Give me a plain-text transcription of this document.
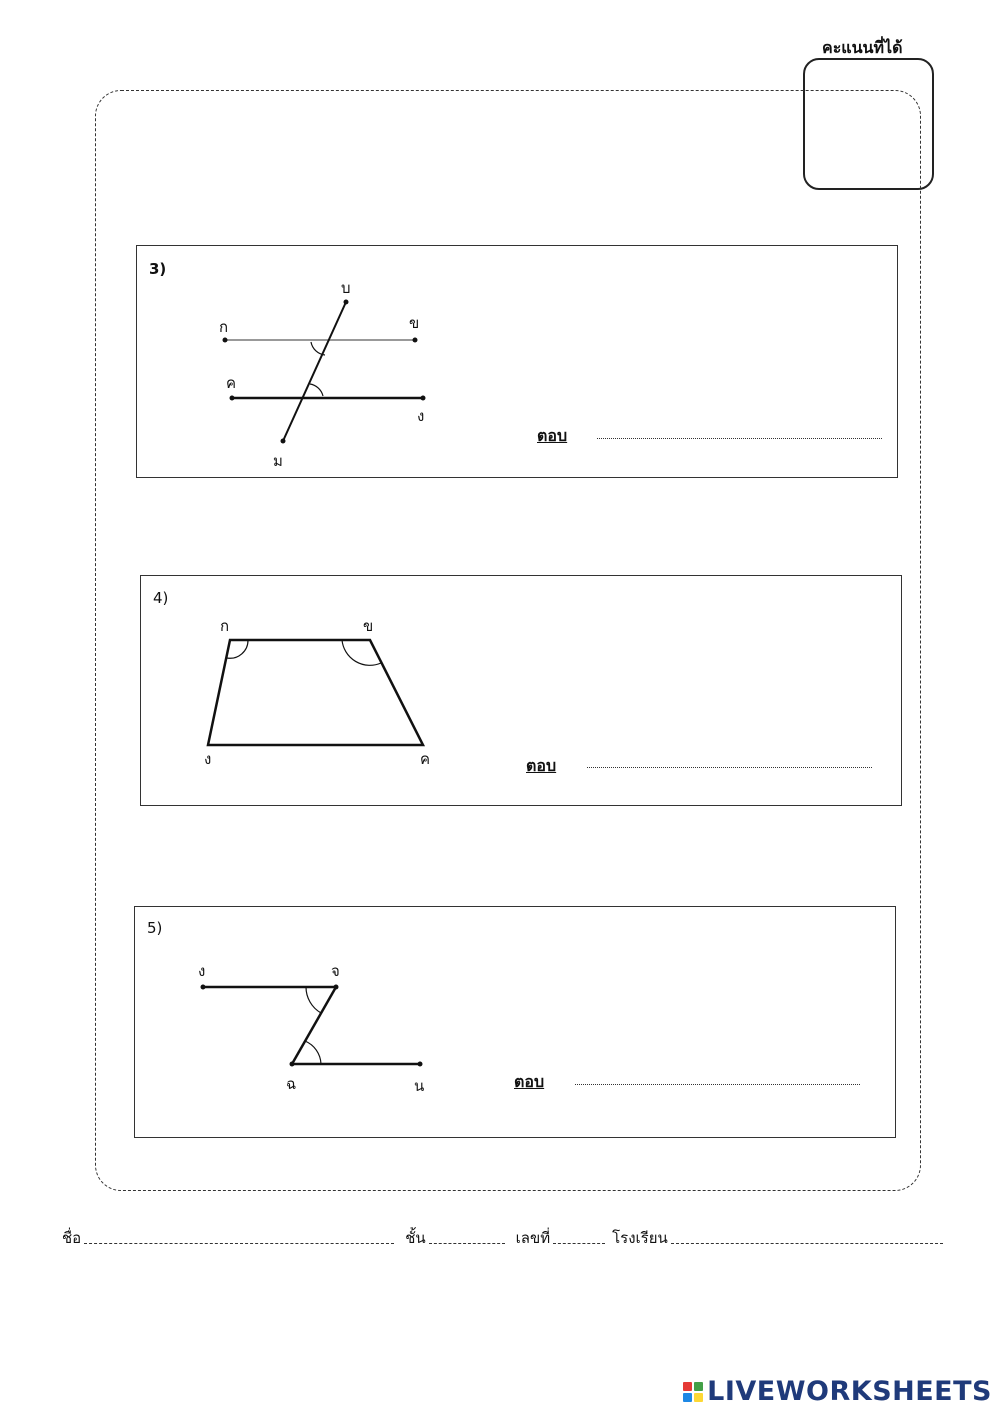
คะแนนที่ได้
3)
ก	ข
ค
ง
บ
ม
ตอบ
4)
ก	ข
ค
ง	ตอบ
5)
ง	จ
ฉ	น	ตอบ
ชื่อ	ชั้น	เลขที่	โรงเรียน
LIVEWORKSHEETS
